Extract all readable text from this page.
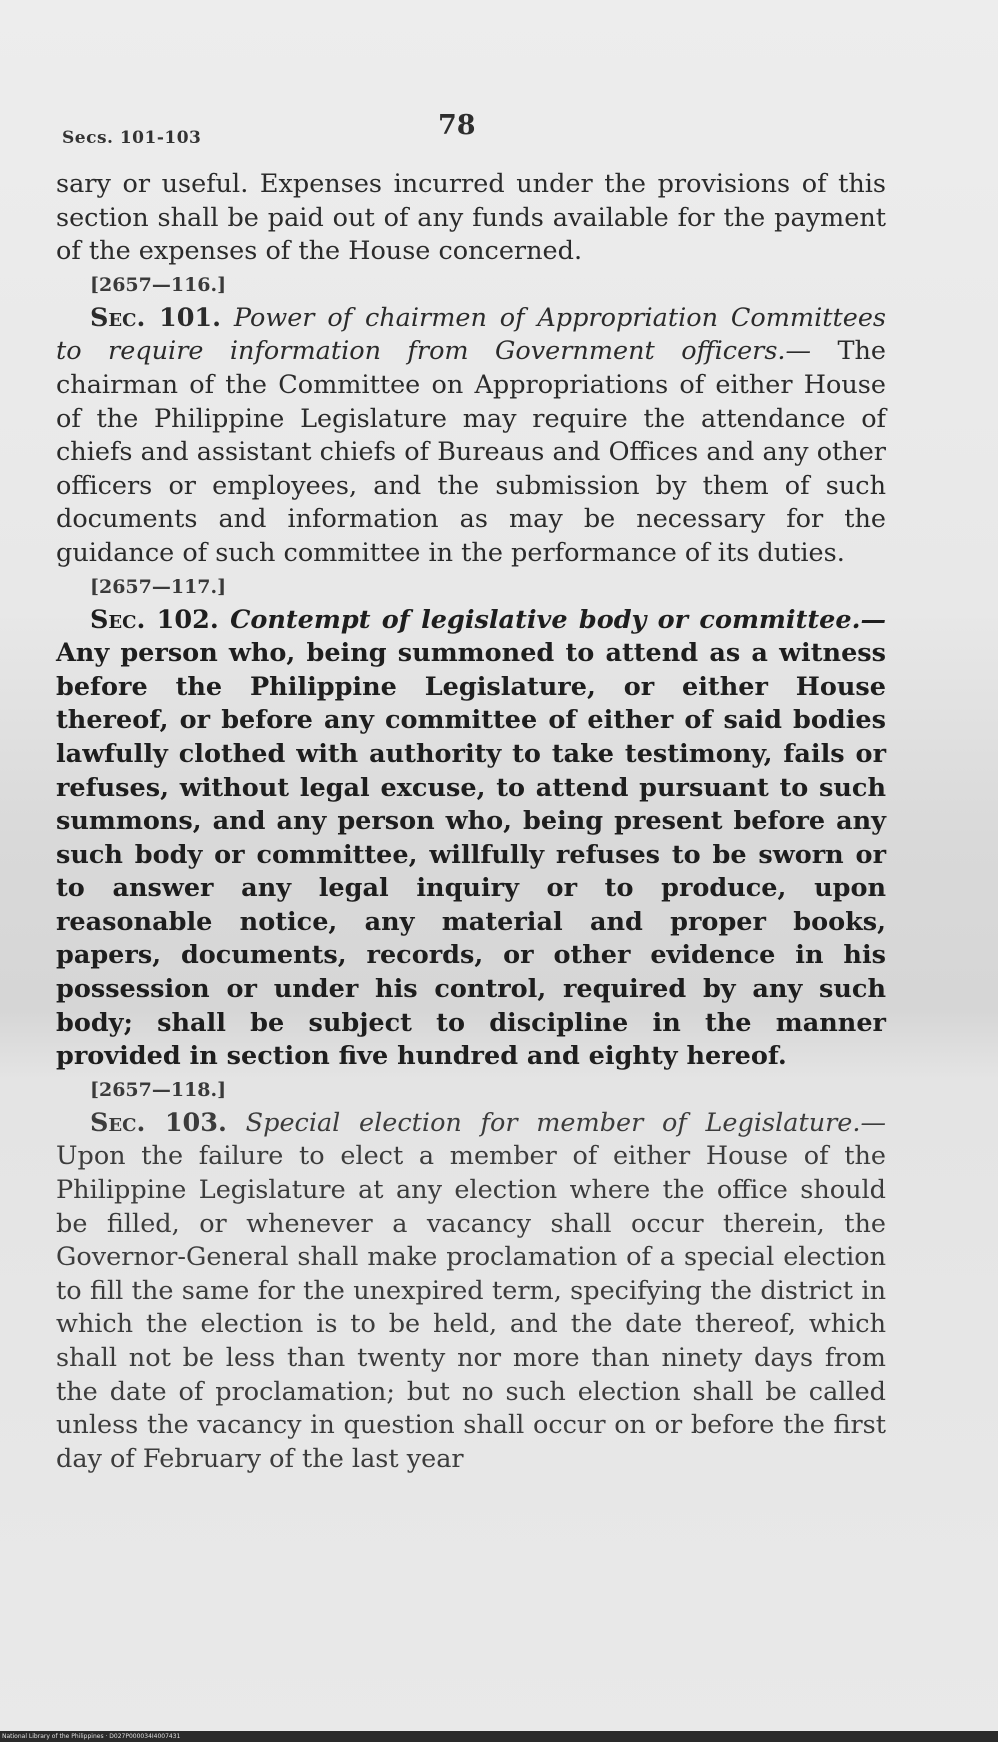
Secs. 101-103	78

sary or useful. Expenses incurred under the provisions of this section shall be paid out of any funds available for the payment of the expenses of the House concerned.

[2657—116.]

Sec. 101. Power of chairmen of Appropriation Committees to require information from Government officers.— The chairman of the Committee on Appropriations of either House of the Philippine Legislature may require the attendance of chiefs and assistant chiefs of Bureaus and Offices and any other officers or employees, and the submission by them of such documents and information as may be necessary for the guidance of such committee in the performance of its duties.

[2657—117.]

Sec. 102. Contempt of legislative body or committee.— Any person who, being summoned to attend as a witness before the Philippine Legislature, or either House thereof, or before any committee of either of said bodies lawfully clothed with authority to take testimony, fails or refuses, without legal excuse, to attend pursuant to such summons, and any person who, being present before any such body or committee, willfully refuses to be sworn or to answer any legal inquiry or to produce, upon reasonable notice, any material and proper books, papers, documents, records, or other evidence in his possession or under his control, required by any such body; shall be subject to discipline in the manner provided in section five hundred and eighty hereof.

[2657—118.]

Sec. 103. Special election for member of Legislature.— Upon the failure to elect a member of either House of the Philippine Legislature at any election where the office should be filled, or whenever a vacancy shall occur therein, the Governor-General shall make proclamation of a special election to fill the same for the unexpired term, specifying the district in which the election is to be held, and the date thereof, which shall not be less than twenty nor more than ninety days from the date of proclamation; but no such election shall be called unless the vacancy in question shall occur on or before the first day of February of the last year

National Library of the Philippines · D027P000034I4007431
